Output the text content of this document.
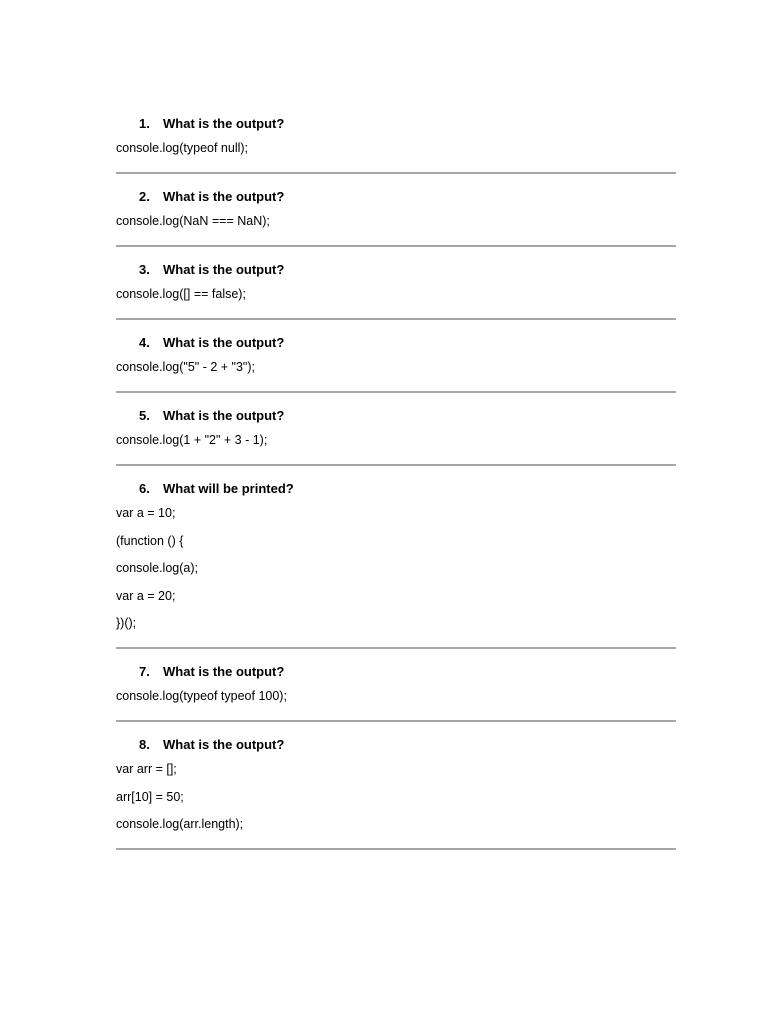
1.	What is the output?
console.log(typeof null);
2.	What is the output?
console.log(NaN === NaN);
3.	What is the output?
console.log([] == false);
4.	What is the output?
console.log("5" - 2 + "3");
5.	What is the output?
console.log(1 + "2" + 3 - 1);
6.	What will be printed?
var a = 10;
(function () {
console.log(a);
var a = 20;
})();
7.	What is the output?
console.log(typeof typeof 100);
8.	What is the output?
var arr = [];
arr[10] = 50;
console.log(arr.length);
